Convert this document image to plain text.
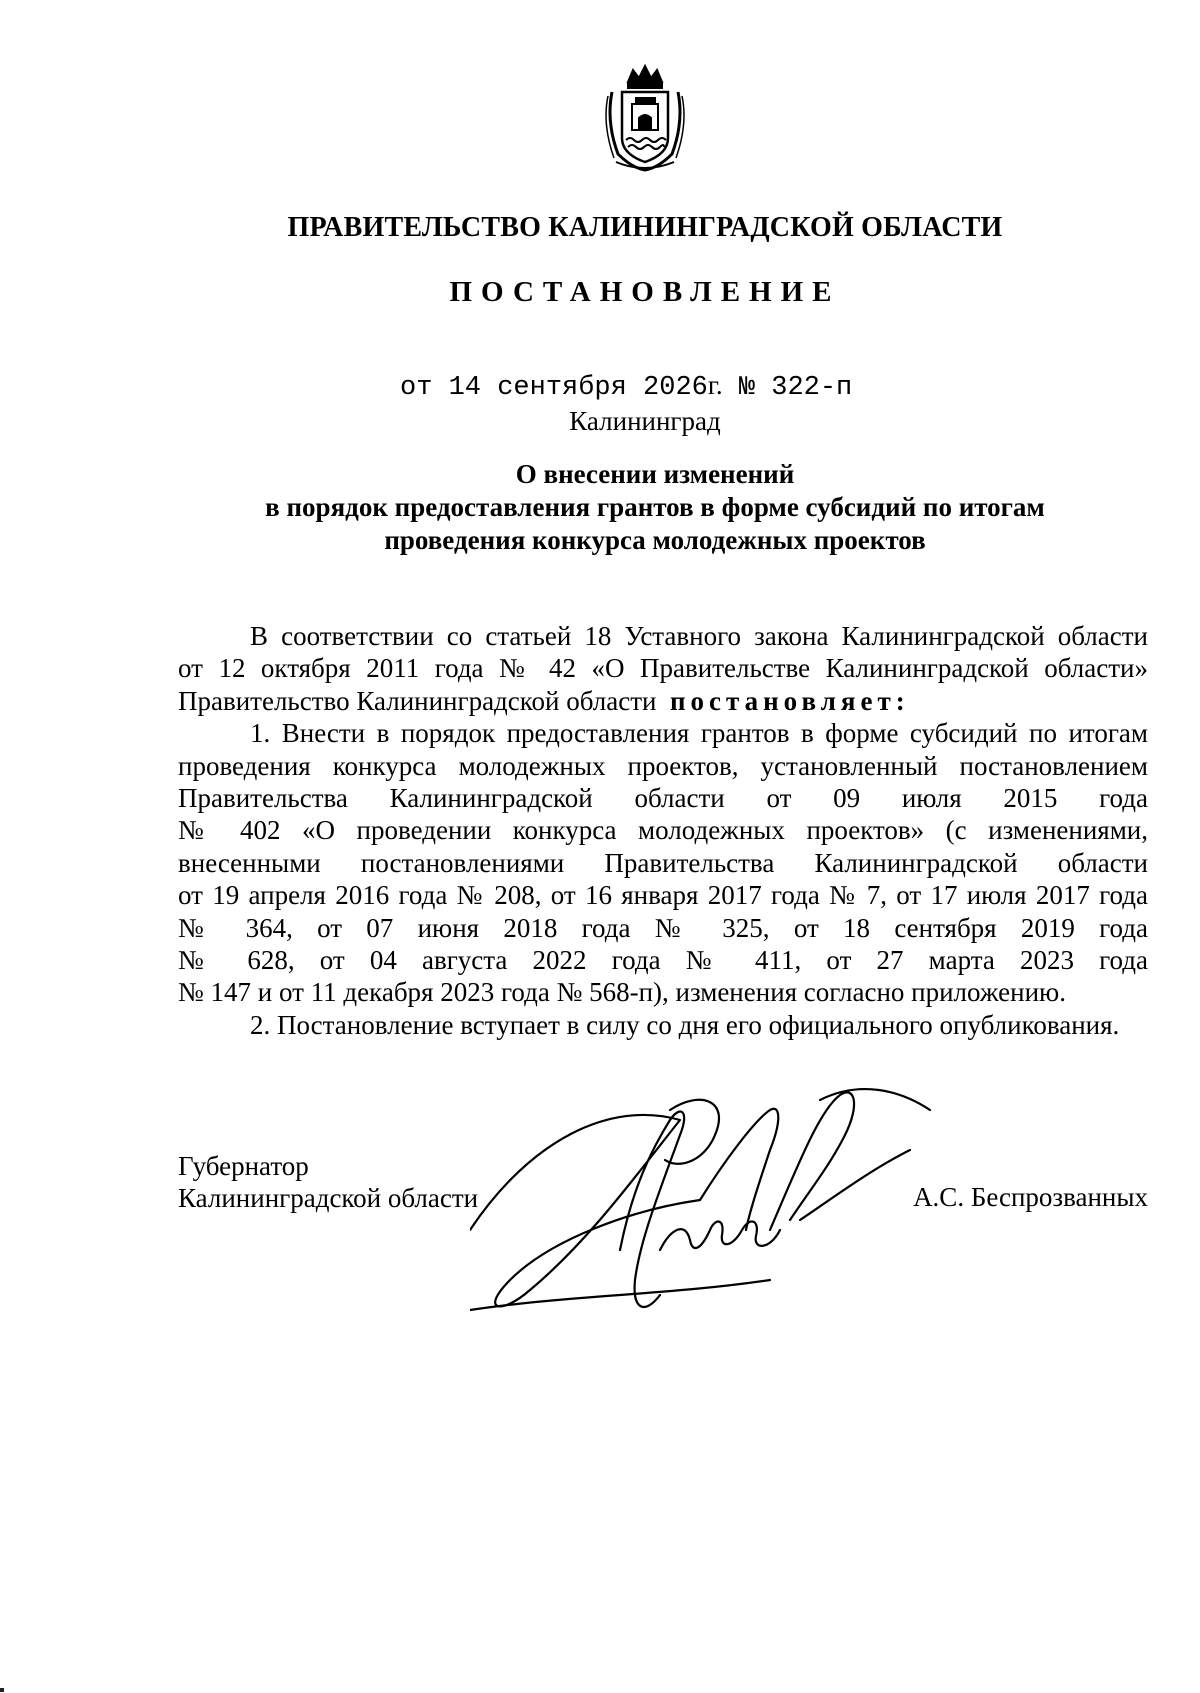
ПРАВИТЕЛЬСТВО КАЛИНИНГРАДСКОЙ ОБЛАСТИ
ПОСТАНОВЛЕНИЕ
от 14 сентября 2026г. № 322-п
Калининград
О внесении изменений
в порядок предоставления грантов в форме субсидий по итогам
проведения конкурса молодежных проектов
В соответствии со статьей 18 Уставного закона Калининградской области
от 12 октября 2011 года № 42 «О Правительстве Калининградской области»
Правительство Калининградской области постановляет:
1. Внести в порядок предоставления грантов в форме субсидий по итогам
проведения конкурса молодежных проектов, установленный постановлением
Правительства Калининградской области от 09 июля 2015 года
№ 402 «О проведении конкурса молодежных проектов» (с изменениями,
внесенными постановлениями Правительства Калининградской области
от 19 апреля 2016 года № 208, от 16 января 2017 года № 7, от 17 июля 2017 года
№ 364, от 07 июня 2018 года № 325, от 18 сентября 2019 года
№ 628, от 04 августа 2022 года № 411, от 27 марта 2023 года
№ 147 и от 11 декабря 2023 года № 568-п), изменения согласно приложению.
2. Постановление вступает в силу со дня его официального опубликования.
Губернатор
Калининградской области	А.С. Беспрозванных
